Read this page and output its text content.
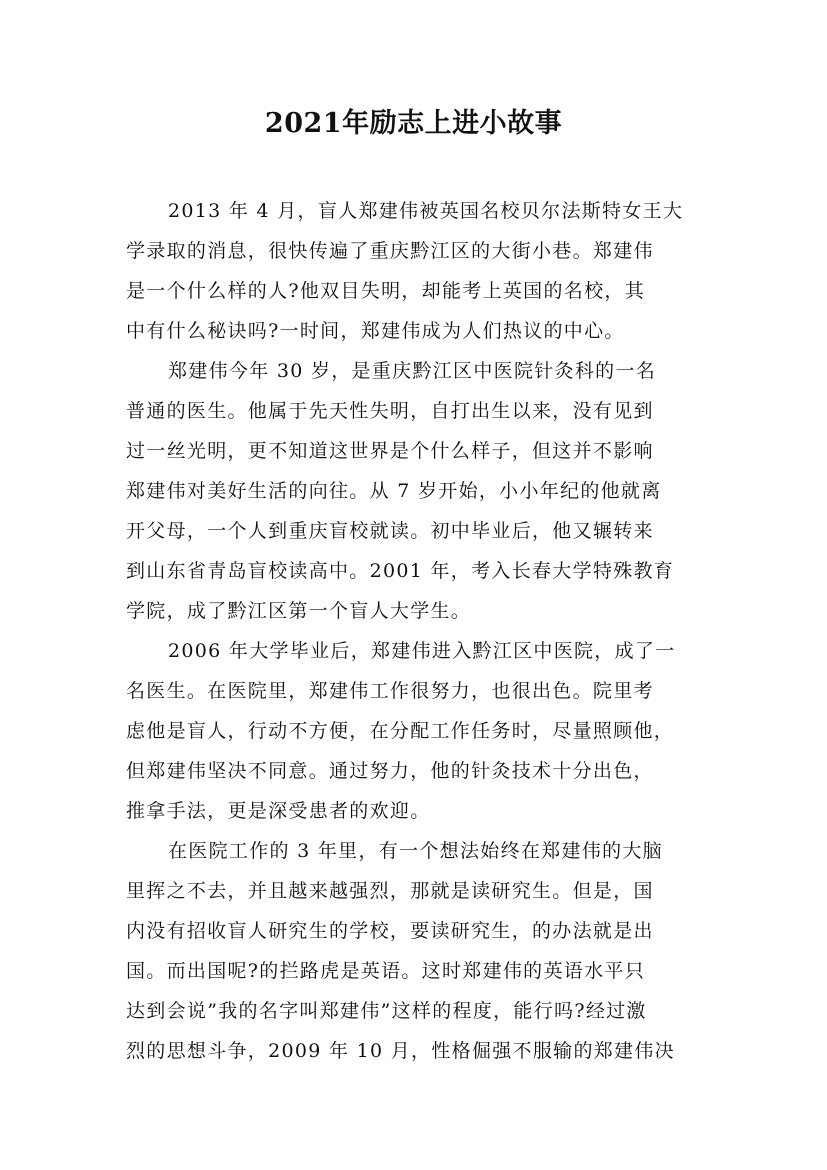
2021年励志上进小故事

2013 年 4 月，盲人郑建伟被英国名校贝尔法斯特女王大
学录取的消息，很快传遍了重庆黔江区的大街小巷。郑建伟
是一个什么样的人?他双目失明，却能考上英国的名校，其
中有什么秘诀吗?一时间，郑建伟成为人们热议的中心。

郑建伟今年 30 岁，是重庆黔江区中医院针灸科的一名
普通的医生。他属于先天性失明，自打出生以来，没有见到
过一丝光明，更不知道这世界是个什么样子，但这并不影响
郑建伟对美好生活的向往。从 7 岁开始，小小年纪的他就离
开父母，一个人到重庆盲校就读。初中毕业后，他又辗转来
到山东省青岛盲校读高中。2001 年，考入长春大学特殊教育
学院，成了黔江区第一个盲人大学生。

2006 年大学毕业后，郑建伟进入黔江区中医院，成了一
名医生。在医院里，郑建伟工作很努力，也很出色。院里考
虑他是盲人，行动不方便，在分配工作任务时，尽量照顾他，
但郑建伟坚决不同意。通过努力，他的针灸技术十分出色，
推拿手法，更是深受患者的欢迎。

在医院工作的 3 年里，有一个想法始终在郑建伟的大脑
里挥之不去，并且越来越强烈，那就是读研究生。但是，国
内没有招收盲人研究生的学校，要读研究生，的办法就是出
国。而出国呢?的拦路虎是英语。这时郑建伟的英语水平只
达到会说”我的名字叫郑建伟”这样的程度，能行吗?经过激
烈的思想斗争，2009 年 10 月，性格倔强不服输的郑建伟决
